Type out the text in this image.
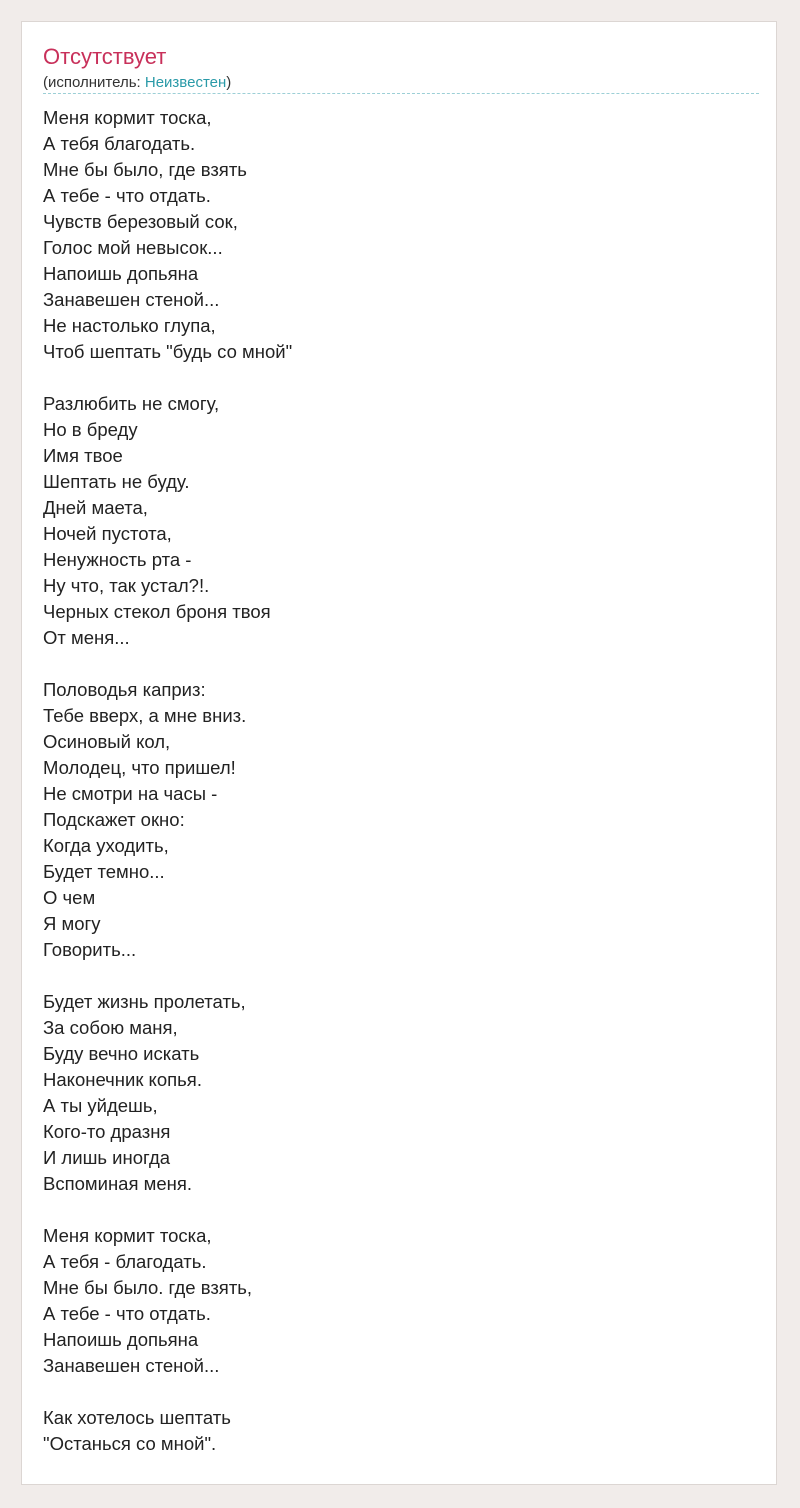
Отсутствует
(исполнитель: Неизвестен)
Меня кормит тоска,
А тебя благодать.
Мне бы было, где взять
А тебе - что отдать.
Чувств березовый сок,
Голос мой невысок...
Напоишь допьяна
Занавешен стеной...
Не настолько глупа,
Чтоб шептать "будь со мной"
Разлюбить не смогу,
Но в бреду
Имя твое
Шептать не буду.
Дней маета,
Ночей пустота,
Ненужность рта -
Ну что, так устал?!.
Черных стекол броня твоя
От меня...
Половодья каприз:
Тебе вверх, а мне вниз.
Осиновый кол,
Молодец, что пришел!
Не смотри на часы -
Подскажет окно:
Когда уходить,
Будет темно...
О чем
Я могу
Говорить...
Будет жизнь пролетать,
За собою маня,
Буду вечно искать
Наконечник копья.
А ты уйдешь,
Кого-то дразня
И лишь иногда
Вспоминая меня.
Меня кормит тоска,
А тебя - благодать.
Мне бы было. где взять,
А тебе - что отдать.
Напоишь допьяна
Занавешен стеной...
Как хотелось шептать
"Останься со мной".
